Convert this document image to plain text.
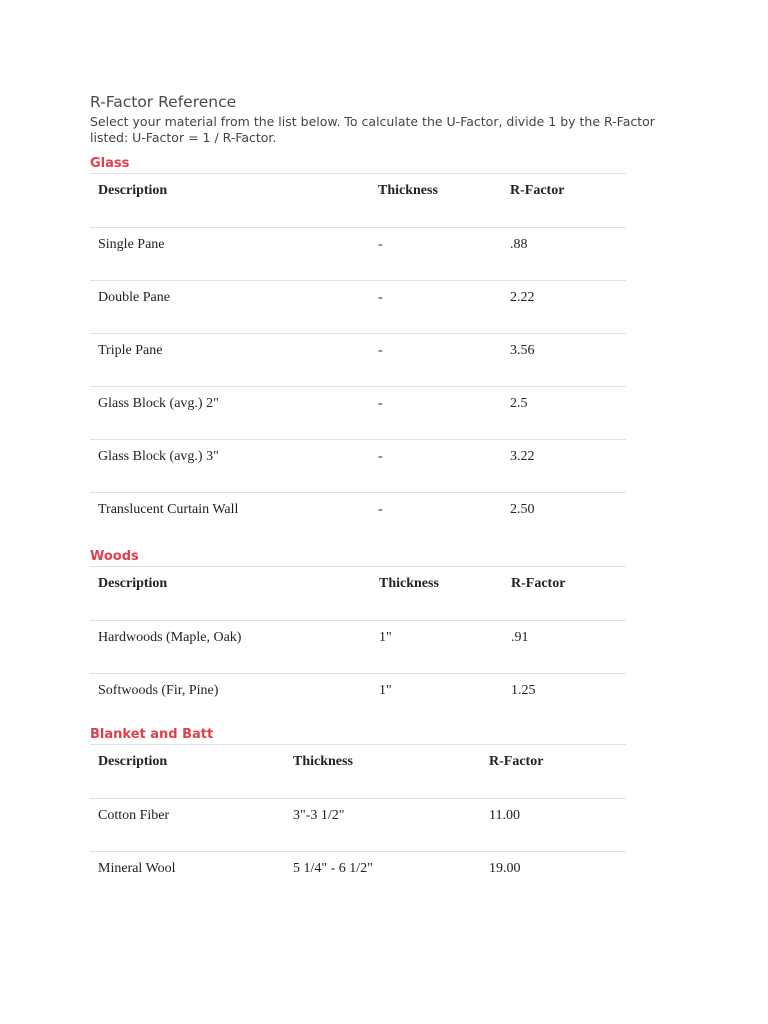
R-Factor Reference

Select your material from the list below. To calculate the U-Factor, divide 1 by the R-Factor listed: U-Factor = 1 / R-Factor.

Glass
Description	Thickness	R-Factor
Single Pane	-	.88
Double Pane	-	2.22
Triple Pane	-	3.56
Glass Block (avg.) 2"	-	2.5
Glass Block (avg.) 3"	-	3.22
Translucent Curtain Wall	-	2.50
Woods
Description	Thickness	R-Factor
Hardwoods (Maple, Oak)	1"	.91
Softwoods (Fir, Pine)	1"	1.25
Blanket and Batt
Description	Thickness	R-Factor
Cotton Fiber	3"-3 1/2"	11.00
Mineral Wool	5 1/4" - 6 1/2"	19.00
